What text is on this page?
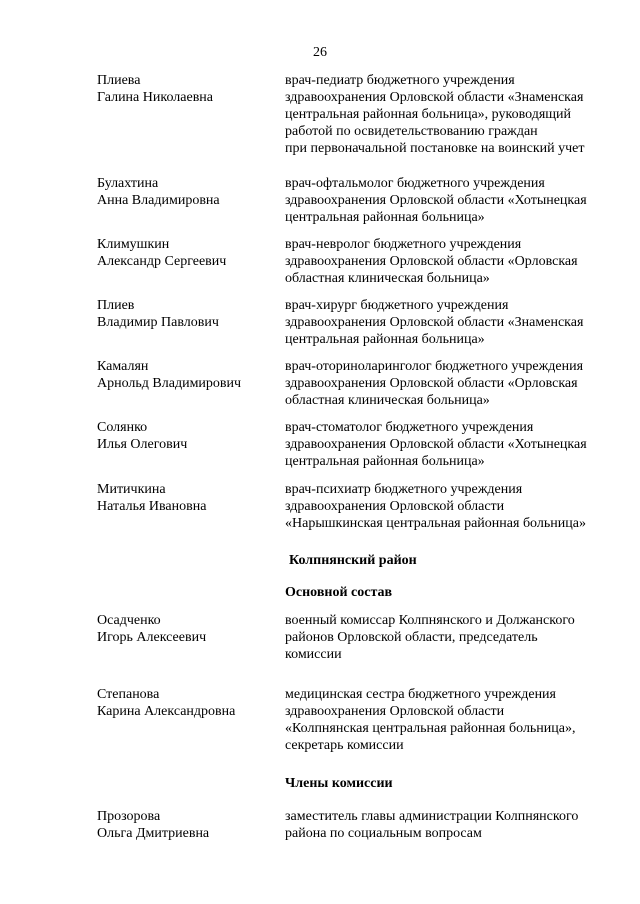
26
Плиева
Галина Николаевна
врач-педиатр бюджетного учреждения
здравоохранения Орловской области «Знаменская
центральная районная больница», руководящий
работой по освидетельствованию граждан
при первоначальной постановке на воинский учет
Булахтина
Анна Владимировна
врач-офтальмолог бюджетного учреждения
здравоохранения Орловской области «Хотынецкая
центральная районная больница»
Климушкин
Александр Сергеевич
врач-невролог бюджетного учреждения
здравоохранения Орловской области «Орловская
областная клиническая больница»
Плиев
Владимир Павлович
врач-хирург бюджетного учреждения
здравоохранения Орловской области «Знаменская
центральная районная больница»
Камалян
Арнольд Владимирович
врач-оториноларинголог бюджетного учреждения
здравоохранения Орловской области «Орловская
областная клиническая больница»
Солянко
Илья Олегович
врач-стоматолог бюджетного учреждения
здравоохранения Орловской области «Хотынецкая
центральная районная больница»
Митичкина
Наталья Ивановна
врач-психиатр бюджетного учреждения
здравоохранения Орловской области
«Нарышкинская центральная районная больница»
Колпнянский район
Основной состав
Осадченко
Игорь Алексеевич
военный комиссар Колпнянского и Должанского
районов Орловской области, председатель
комиссии
Степанова
Карина Александровна
медицинская сестра бюджетного учреждения
здравоохранения Орловской области
«Колпнянская центральная районная больница»,
секретарь комиссии
Члены комиссии
Прозорова
Ольга Дмитриевна
заместитель главы администрации Колпнянского
района по социальным вопросам
